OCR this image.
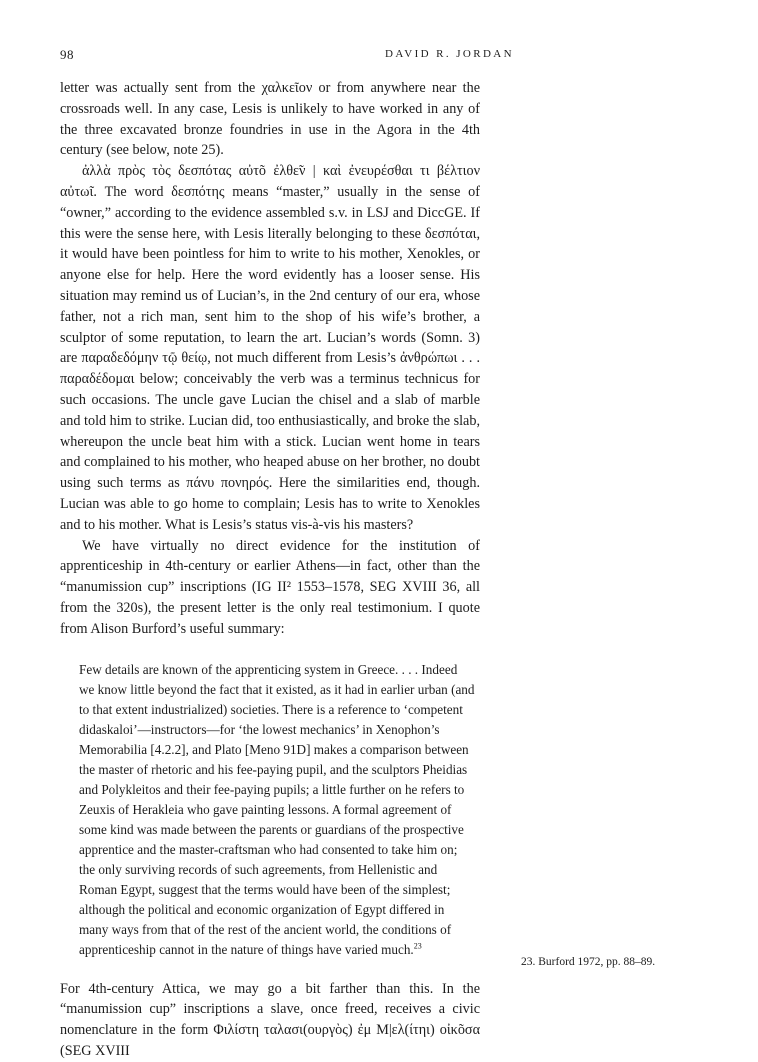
98	DAVID R. JORDAN

letter was actually sent from the χαλκεῖον or from anywhere near the crossroads well. In any case, Lesis is unlikely to have worked in any of the three excavated bronze foundries in use in the Agora in the 4th century (see below, note 25).

ἀλλὰ πρὸς τὸς δεσπότας αὐτõ ἐλθε̃ν | καὶ ἐνευρέσθαι τι βέλτιον αὐτω̃ι. The word δεσπότης means “master,” usually in the sense of “owner,” according to the evidence assembled s.v. in LSJ and DiccGE. If this were the sense here, with Lesis literally belonging to these δεσπόται, it would have been pointless for him to write to his mother, Xenokles, or anyone else for help. Here the word evidently has a looser sense. His situation may remind us of Lucian’s, in the 2nd century of our era, whose father, not a rich man, sent him to the shop of his wife’s brother, a sculptor of some reputation, to learn the art. Lucian’s words (Somn. 3) are παραδεδόμην τῷ θείῳ, not much different from Lesis’s ἀνθρώπωι . . . παραδέδομαι below; conceivably the verb was a terminus technicus for such occasions. The uncle gave Lucian the chisel and a slab of marble and told him to strike. Lucian did, too enthusiastically, and broke the slab, whereupon the uncle beat him with a stick. Lucian went home in tears and complained to his mother, who heaped abuse on her brother, no doubt using such terms as πάνυ πονηρός. Here the similarities end, though. Lucian was able to go home to complain; Lesis has to write to Xenokles and to his mother. What is Lesis’s status vis-à-vis his masters?

We have virtually no direct evidence for the institution of apprenticeship in 4th-century or earlier Athens—in fact, other than the “manumission cup” inscriptions (IG II² 1553–1578, SEG XVIII 36, all from the 320s), the present letter is the only real testimonium. I quote from Alison Burford’s useful summary:

Few details are known of the apprenticing system in Greece. . . . Indeed we know little beyond the fact that it existed, as it had in earlier urban (and to that extent industrialized) societies. There is a reference to ‘competent didaskaloi’—instructors—for ‘the lowest mechanics’ in Xenophon’s Memorabilia [4.2.2], and Plato [Meno 91D] makes a comparison between the master of rhetoric and his fee-paying pupil, and the sculptors Pheidias and Polykleitos and their fee-paying pupils; a little further on he refers to Zeuxis of Herakleia who gave painting lessons. A formal agreement of some kind was made between the parents or guardians of the prospective apprentice and the master-craftsman who had consented to take him on; the only surviving records of such agreements, from Hellenistic and Roman Egypt, suggest that the terms would have been of the simplest; although the political and economic organization of Egypt differed in many ways from that of the rest of the ancient world, the conditions of apprenticeship cannot in the nature of things have varied much.$^{23}$

For 4th-century Attica, we may go a bit farther than this. In the “manumission cup” inscriptions a slave, once freed, receives a civic nomenclature in the form Φιλίστη ταλασι(ουργὸς) ἐμ Μ|ελ(ίτηι) οἰκõσα (SEG XVIII

23. Burford 1972, pp. 88–89.
